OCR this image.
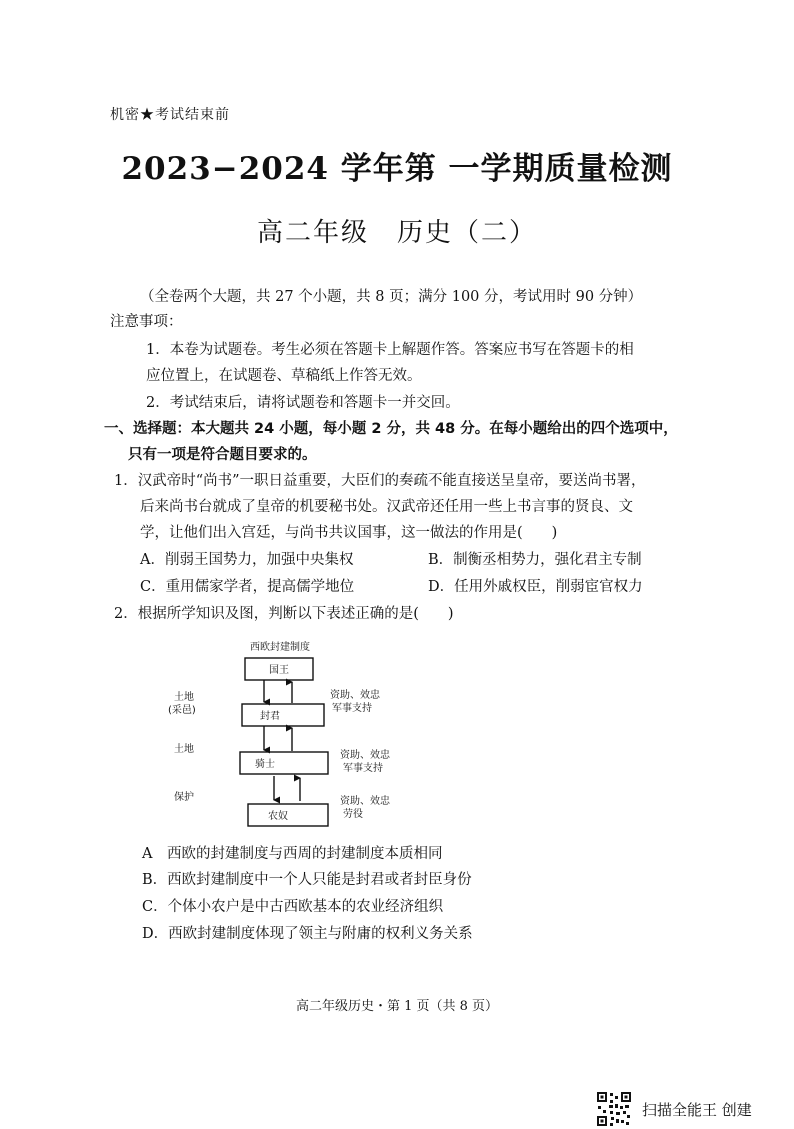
机密★考试结束前
2023−2024 学年第 一学期质量检测
高二年级　历史（二）
（全卷两个大题，共 27 个小题，共 8 页；满分 100 分，考试用时 90 分钟）
注意事项：
1．本卷为试题卷。考生必须在答题卡上解题作答。答案应书写在答题卡的相
应位置上，在试题卷、草稿纸上作答无效。
2．考试结束后，请将试题卷和答题卡一并交回。
一、选择题：本大题共 24 小题，每小题 2 分，共 48 分。在每小题给出的四个选项中，
只有一项是符合题目要求的。
1．汉武帝时“尚书”一职日益重要，大臣们的奏疏不能直接送呈皇帝，要送尚书署，
后来尚书台就成了皇帝的机要秘书处。汉武帝还任用一些上书言事的贤良、文
学，让他们出入宫廷，与尚书共议国事，这一做法的作用是(　　)
A．削弱王国势力，加强中央集权	B．制衡丞相势力，强化君主专制
C．重用儒家学者，提高儒学地位	D．任用外戚权臣，削弱宦官权力
2．根据所学知识及图，判断以下表述正确的是(　　)
西欧封建制度
国王
封君
骑士
农奴
土地
(采邑)
土地
保护
资助、效忠
军事支持
资助、效忠
军事支持
资助、效忠
劳役
A　西欧的封建制度与西周的封建制度本质相同
B．西欧封建制度中一个人只能是封君或者封臣身份
C．个体小农户是中古西欧基本的农业经济组织
D．西欧封建制度体现了领主与附庸的权利义务关系
高二年级历史・第 1 页（共 8 页）
扫描全能王 创建
